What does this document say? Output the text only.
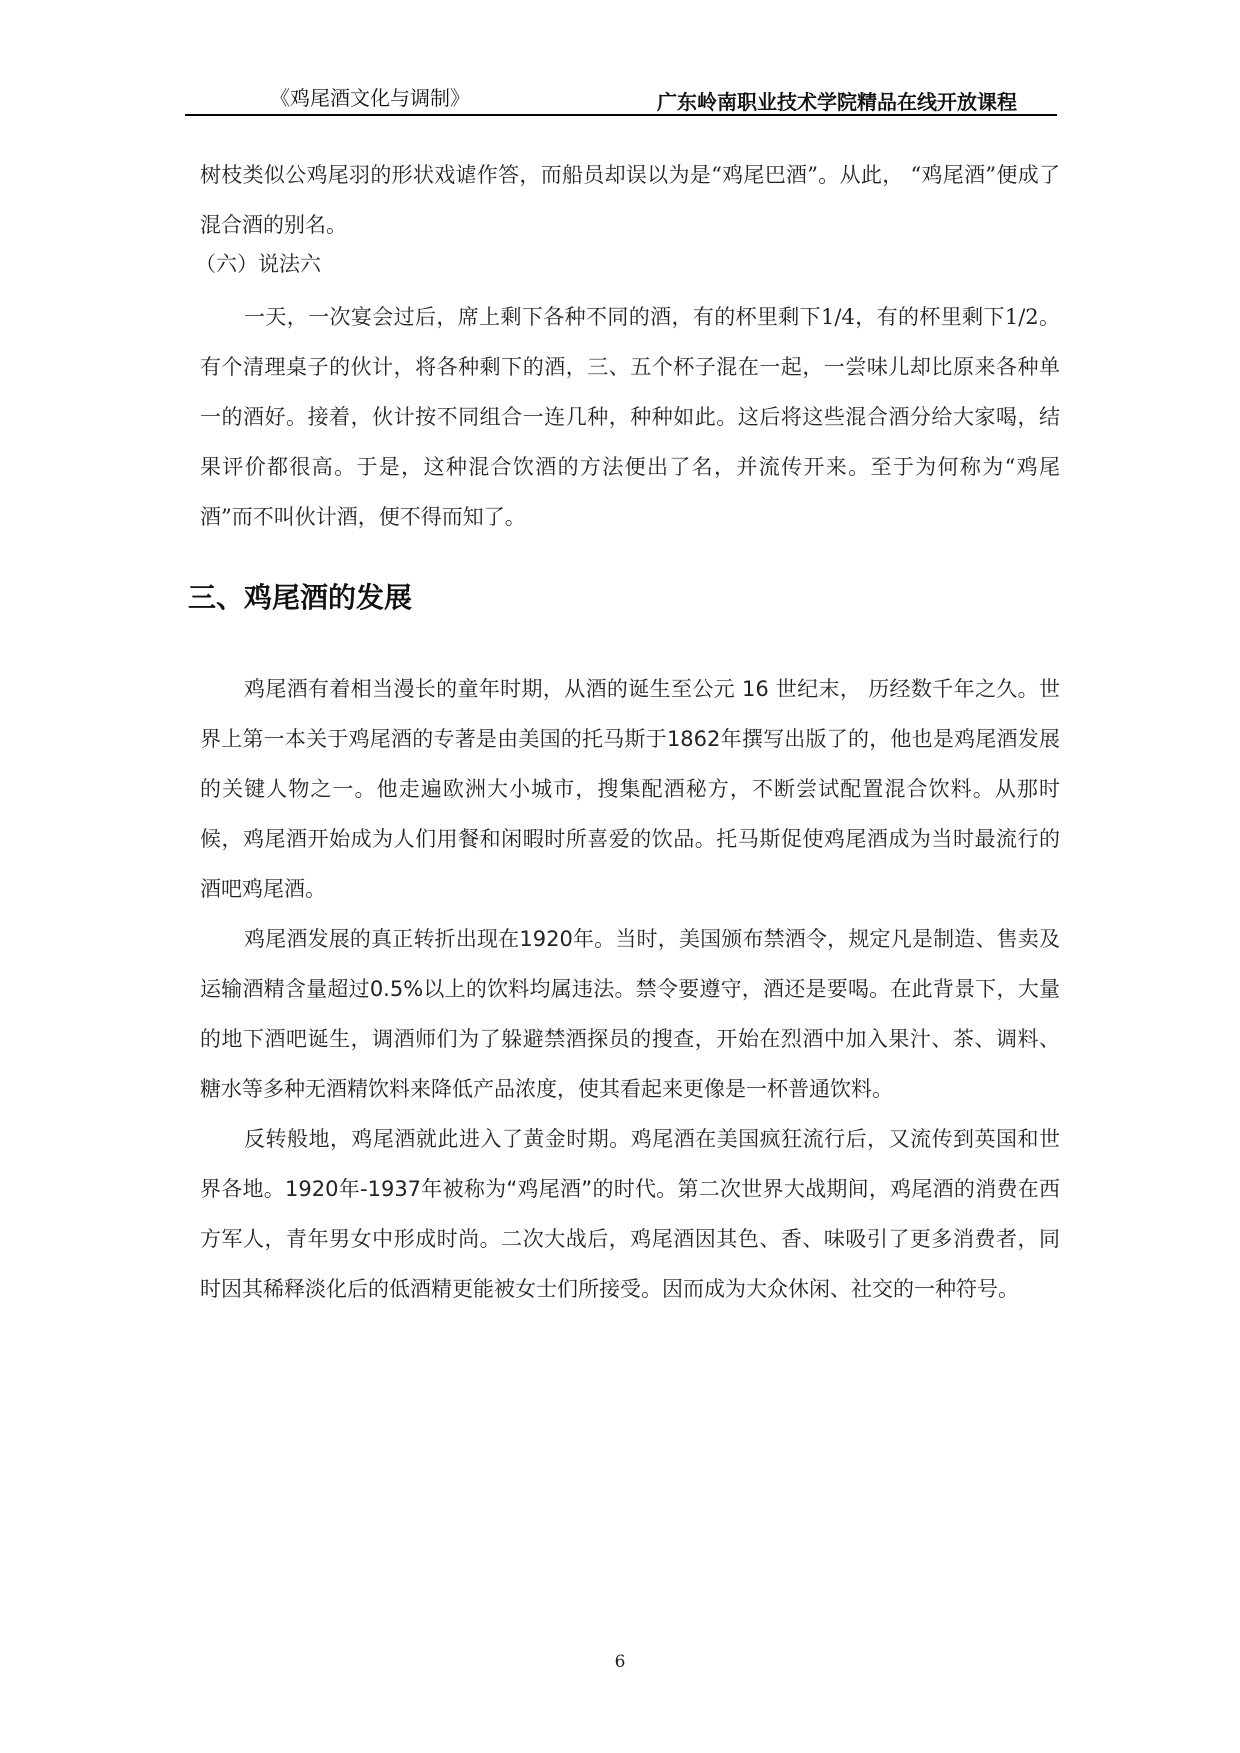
《鸡尾酒文化与调制》	广东岭南职业技术学院精品在线开放课程

树枝类似公鸡尾羽的形状戏谑作答，而船员却误以为是“鸡尾巴酒”。从此， “鸡尾酒”便成了混合酒的别名。

（六）说法六

一天，一次宴会过后，席上剩下各种不同的酒，有的杯里剩下1/4，有的杯里剩下1/2。有个清理桌子的伙计，将各种剩下的酒，三、五个杯子混在一起，一尝味儿却比原来各种单一的酒好。接着，伙计按不同组合一连几种，种种如此。这后将这些混合酒分给大家喝，结果评价都很高。于是，这种混合饮酒的方法便出了名，并流传开来。至于为何称为“鸡尾酒”而不叫伙计酒，便不得而知了。

三、鸡尾酒的发展

鸡尾酒有着相当漫长的童年时期，从酒的诞生至公元 16 世纪末， 历经数千年之久。世界上第一本关于鸡尾酒的专著是由美国的托马斯于1862年撰写出版了的，他也是鸡尾酒发展的关键人物之一。他走遍欧洲大小城市，搜集配酒秘方，不断尝试配置混合饮料。从那时候，鸡尾酒开始成为人们用餐和闲暇时所喜爱的饮品。托马斯促使鸡尾酒成为当时最流行的酒吧鸡尾酒。

鸡尾酒发展的真正转折出现在1920年。当时，美国颁布禁酒令，规定凡是制造、售卖及运输酒精含量超过0.5%以上的饮料均属违法。禁令要遵守，酒还是要喝。在此背景下，大量的地下酒吧诞生，调酒师们为了躲避禁酒探员的搜查，开始在烈酒中加入果汁、茶、调料、糖水等多种无酒精饮料来降低产品浓度，使其看起来更像是一杯普通饮料。

反转般地，鸡尾酒就此进入了黄金时期。鸡尾酒在美国疯狂流行后，又流传到英国和世界各地。1920年-1937年被称为“鸡尾酒”的时代。第二次世界大战期间，鸡尾酒的消费在西方军人，青年男女中形成时尚。二次大战后，鸡尾酒因其色、香、味吸引了更多消费者，同时因其稀释淡化后的低酒精更能被女士们所接受。因而成为大众休闲、社交的一种符号。

6
